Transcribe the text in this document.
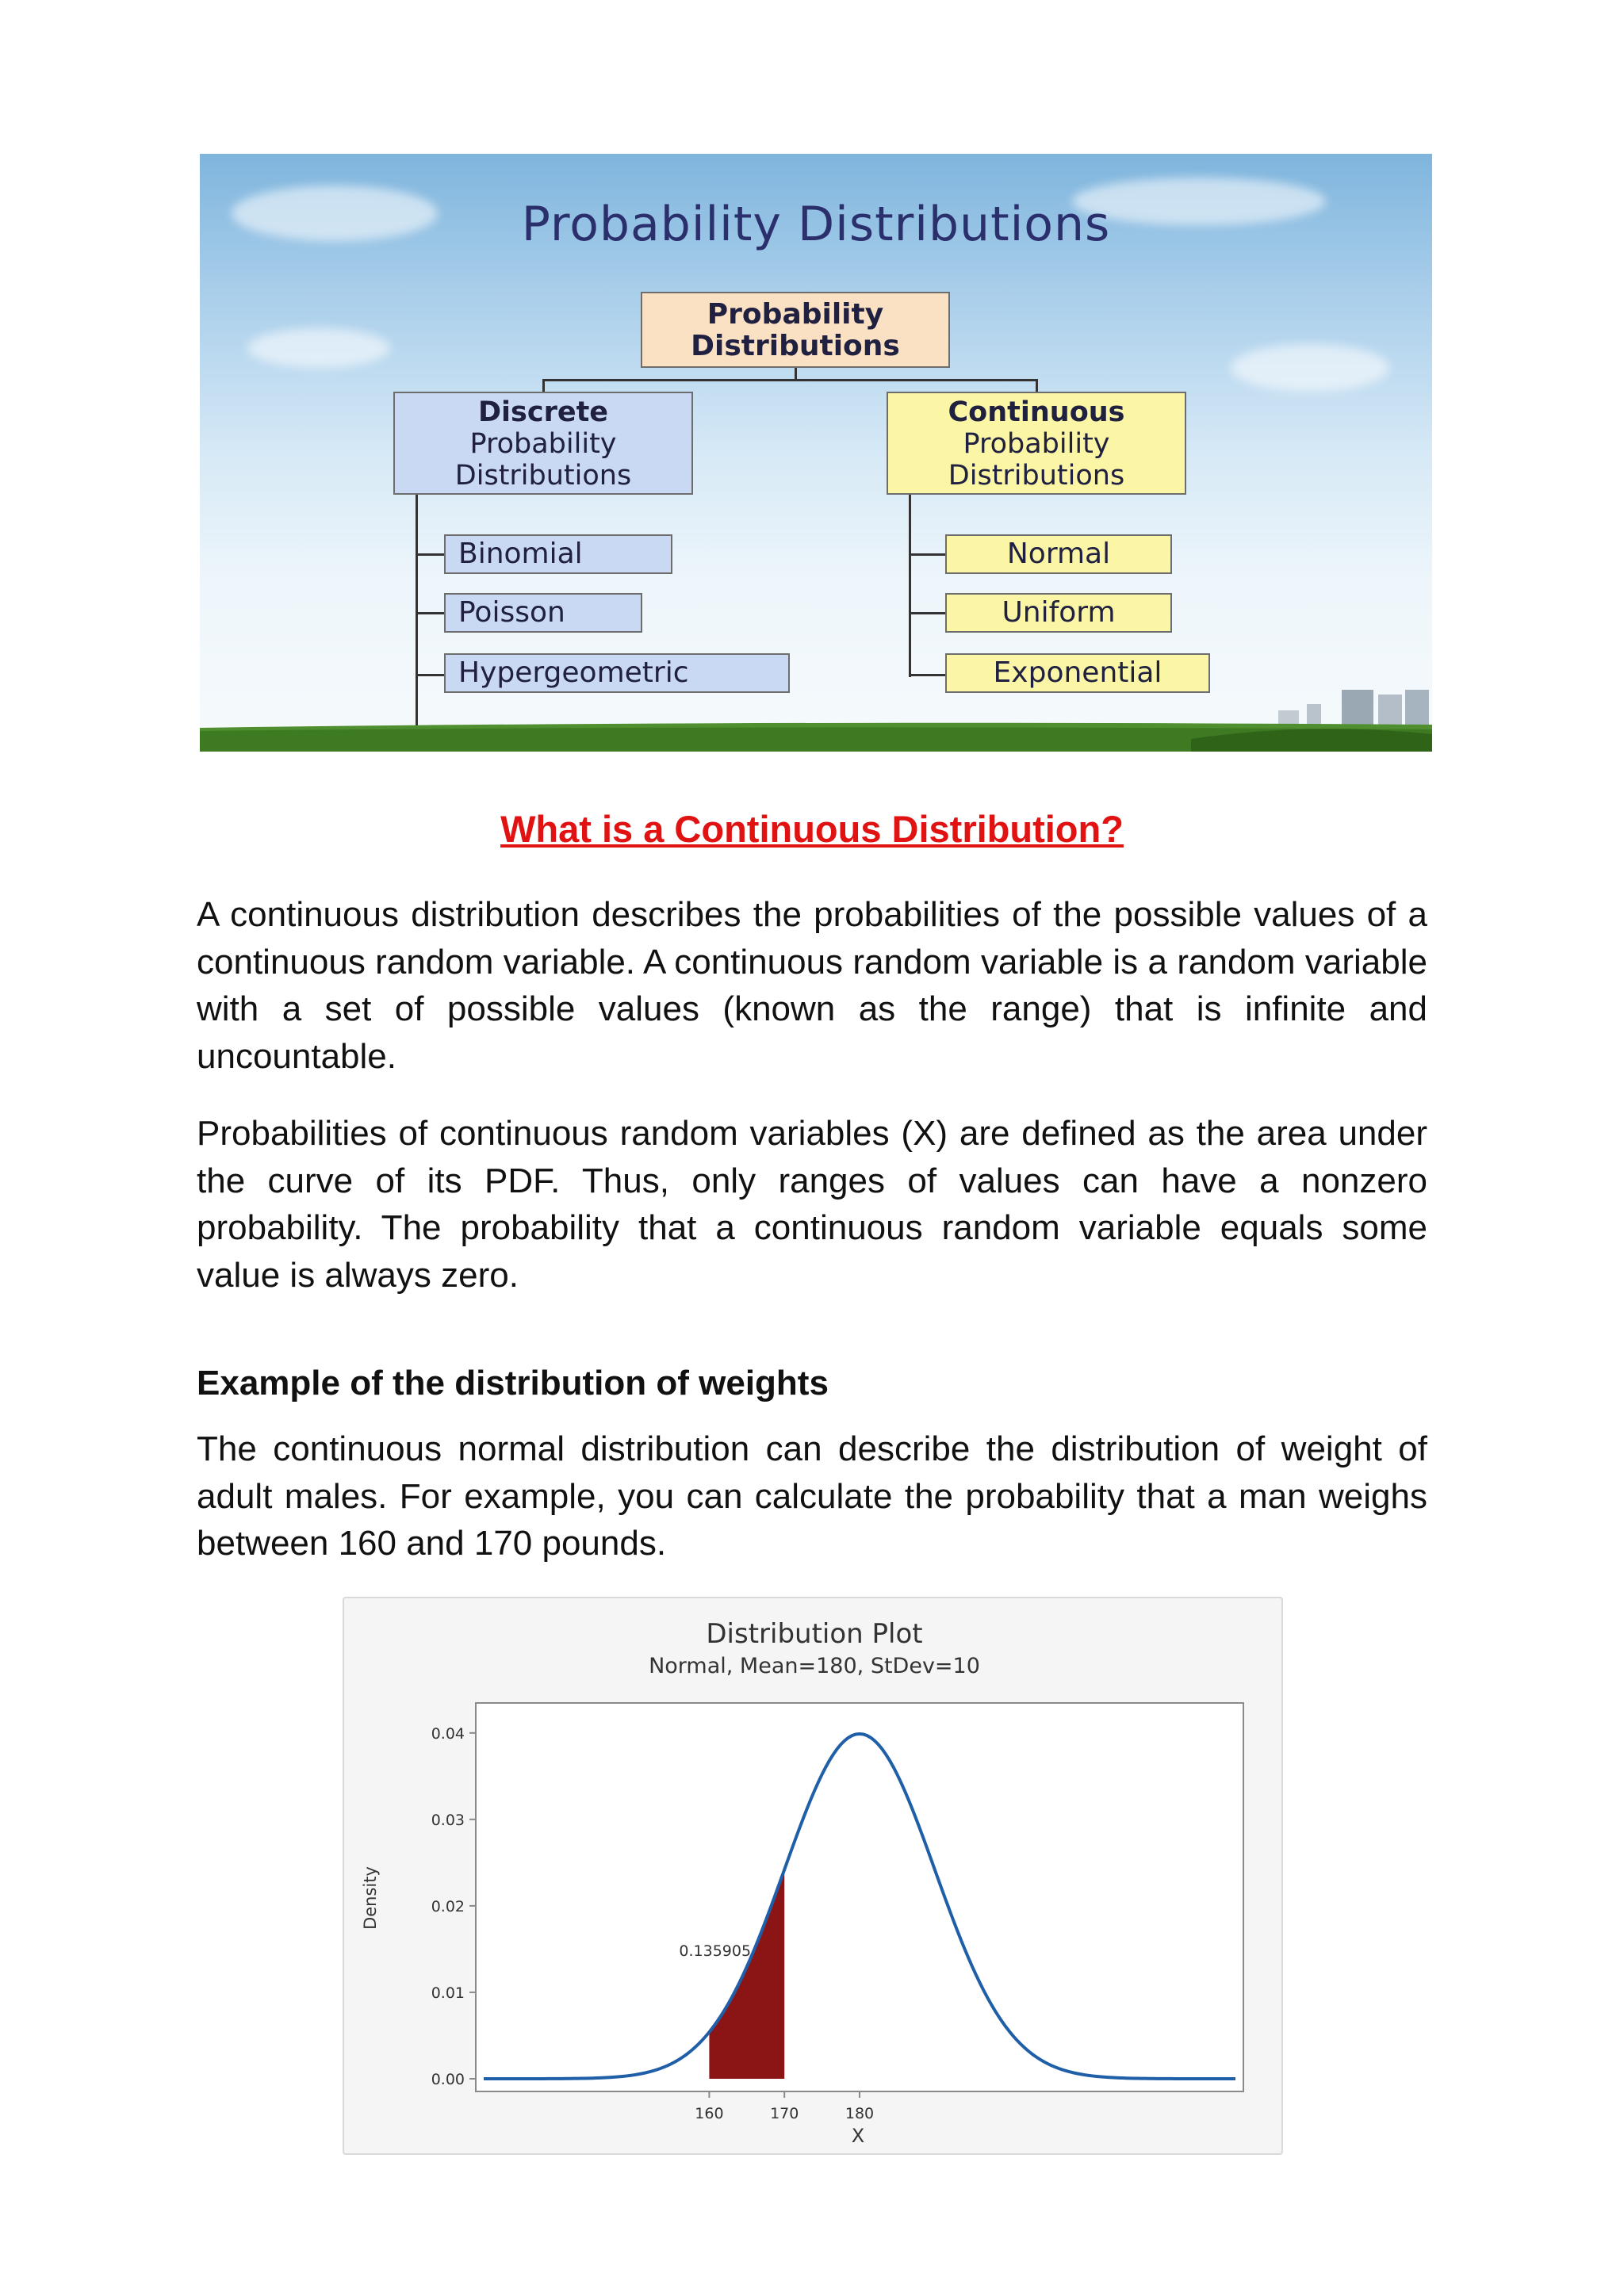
Probability Distributions
Probability
Distributions
Discrete
Probability
Distributions
Continuous
Probability
Distributions
Binomial
Poisson
Hypergeometric
Normal
Uniform
Exponential
What is a Continuous Distribution?

A continuous distribution describes the probabilities of the possible values of a continuous random variable. A continuous random variable is a random variable with a set of possible values (known as the range) that is infinite and uncountable.

Probabilities of continuous random variables (X) are defined as the area under the curve of its PDF. Thus, only ranges of values can have a nonzero probability. The probability that a continuous random variable equals some value is always zero.

Example of the distribution of weights

The continuous normal distribution can describe the distribution of weight of adult males. For example, you can calculate the probability that a man weighs between 160 and 170 pounds.

Distribution Plot
Normal, Mean=180, StDev=10
Density
X
0.00
0.01
0.02
0.03
0.04
160	170	180
0.135905
